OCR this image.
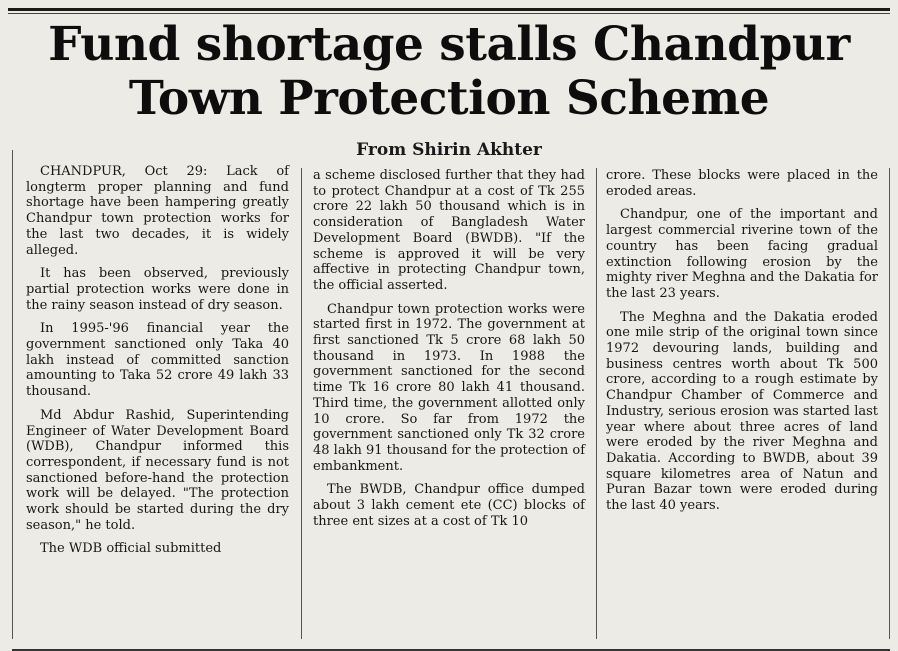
Fund shortage stalls Chandpur
Town Protection Scheme
From Shirin Akhter

CHANDPUR, Oct 29: Lack of longterm proper planning and fund shortage have been hampering greatly Chandpur town protection works for the last two decades, it is widely alleged.

It has been observed, previously partial protection works were done in the rainy season instead of dry season.

In 1995-'96 financial year the government sanctioned only Taka 40 lakh instead of committed sanction amounting to Taka 52 crore 49 lakh 33 thousand.

Md Abdur Rashid, Superintending Engineer of Water Development Board (WDB), Chandpur informed this correspondent, if necessary fund is not sanctioned before-hand the protection work will be delayed. "The protection work should be started during the dry season," he told.

The WDB official submitted

a scheme disclosed further that they had to protect Chandpur at a cost of Tk 255 crore 22 lakh 50 thousand which is in consideration of Bangladesh Water Development Board (BWDB). "If the scheme is approved it will be very affective in protecting Chandpur town, the official asserted.

Chandpur town protection works were started first in 1972. The government at first sanctioned Tk 5 crore 68 lakh 50 thousand in 1973. In 1988 the government sanctioned for the second time Tk 16 crore 80 lakh 41 thousand. Third time, the government allotted only 10 crore. So far from 1972 the government sanctioned only Tk 32 crore 48 lakh 91 thousand for the protection of embankment.

The BWDB, Chandpur office dumped about 3 lakh cement ete (CC) blocks of three ent sizes at a cost of Tk 10

crore. These blocks were placed in the eroded areas.

Chandpur, one of the important and largest commercial riverine town of the country has been facing gradual extinction following erosion by the mighty river Meghna and the Dakatia for the last 23 years.

The Meghna and the Dakatia eroded one mile strip of the original town since 1972 devouring lands, building and business centres worth about Tk 500 crore, according to a rough estimate by Chandpur Chamber of Commerce and Industry, serious erosion was started last year where about three acres of land were eroded by the river Meghna and Dakatia. According to BWDB, about 39 square kilometres area of Natun and Puran Bazar town were eroded during the last 40 years.
